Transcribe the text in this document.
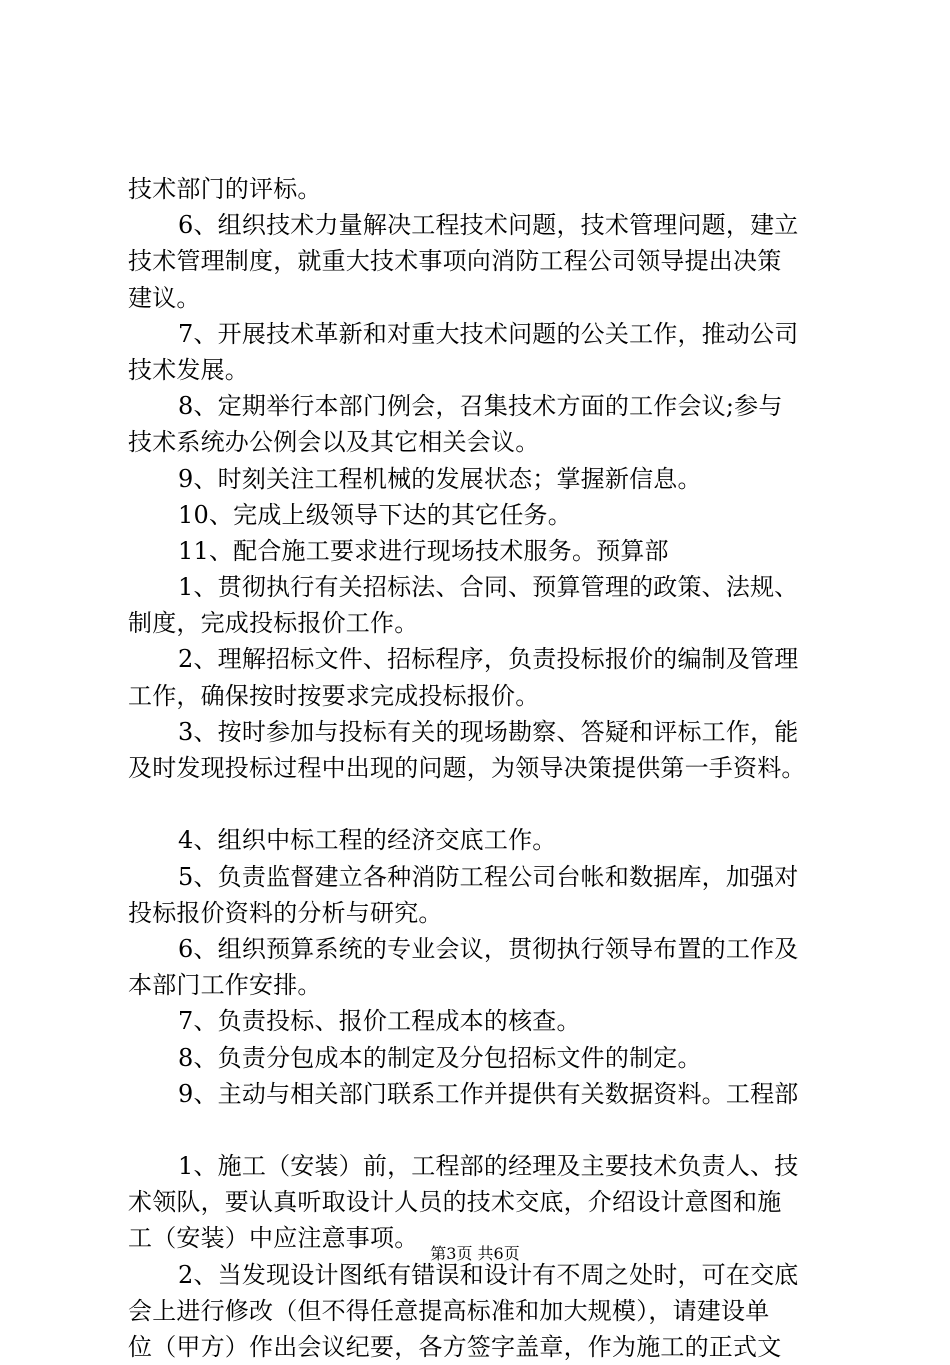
技术部门的评标。
6、组织技术力量解决工程技术问题，技术管理问题，建立
技术管理制度，就重大技术事项向消防工程公司领导提出决策
建议。
7、开展技术革新和对重大技术问题的公关工作，推动公司
技术发展。
8、定期举行本部门例会，召集技术方面的工作会议;参与
技术系统办公例会以及其它相关会议。
9、时刻关注工程机械的发展状态；掌握新信息。
10、完成上级领导下达的其它任务。
11、配合施工要求进行现场技术服务。预算部
1、贯彻执行有关招标法、合同、预算管理的政策、法规、
制度，完成投标报价工作。
2、理解招标文件、招标程序，负责投标报价的编制及管理
工作，确保按时按要求完成投标报价。
3、按时参加与投标有关的现场勘察、答疑和评标工作，能
及时发现投标过程中出现的问题，为领导决策提供第一手资料。
4、组织中标工程的经济交底工作。
5、负责监督建立各种消防工程公司台帐和数据库，加强对
投标报价资料的分析与研究。
6、组织预算系统的专业会议，贯彻执行领导布置的工作及
本部门工作安排。
7、负责投标、报价工程成本的核查。
8、负责分包成本的制定及分包招标文件的制定。
9、主动与相关部门联系工作并提供有关数据资料。工程部
1、施工（安装）前，工程部的经理及主要技术负责人、技
术领队，要认真听取设计人员的技术交底，介绍设计意图和施
工（安装）中应注意事项。
2、当发现设计图纸有错误和设计有不周之处时，可在交底
会上进行修改（但不得任意提高标准和加大规模），请建设单
位（甲方）作出会议纪要，各方签字盖章，作为施工的正式文
第3页 共6页
